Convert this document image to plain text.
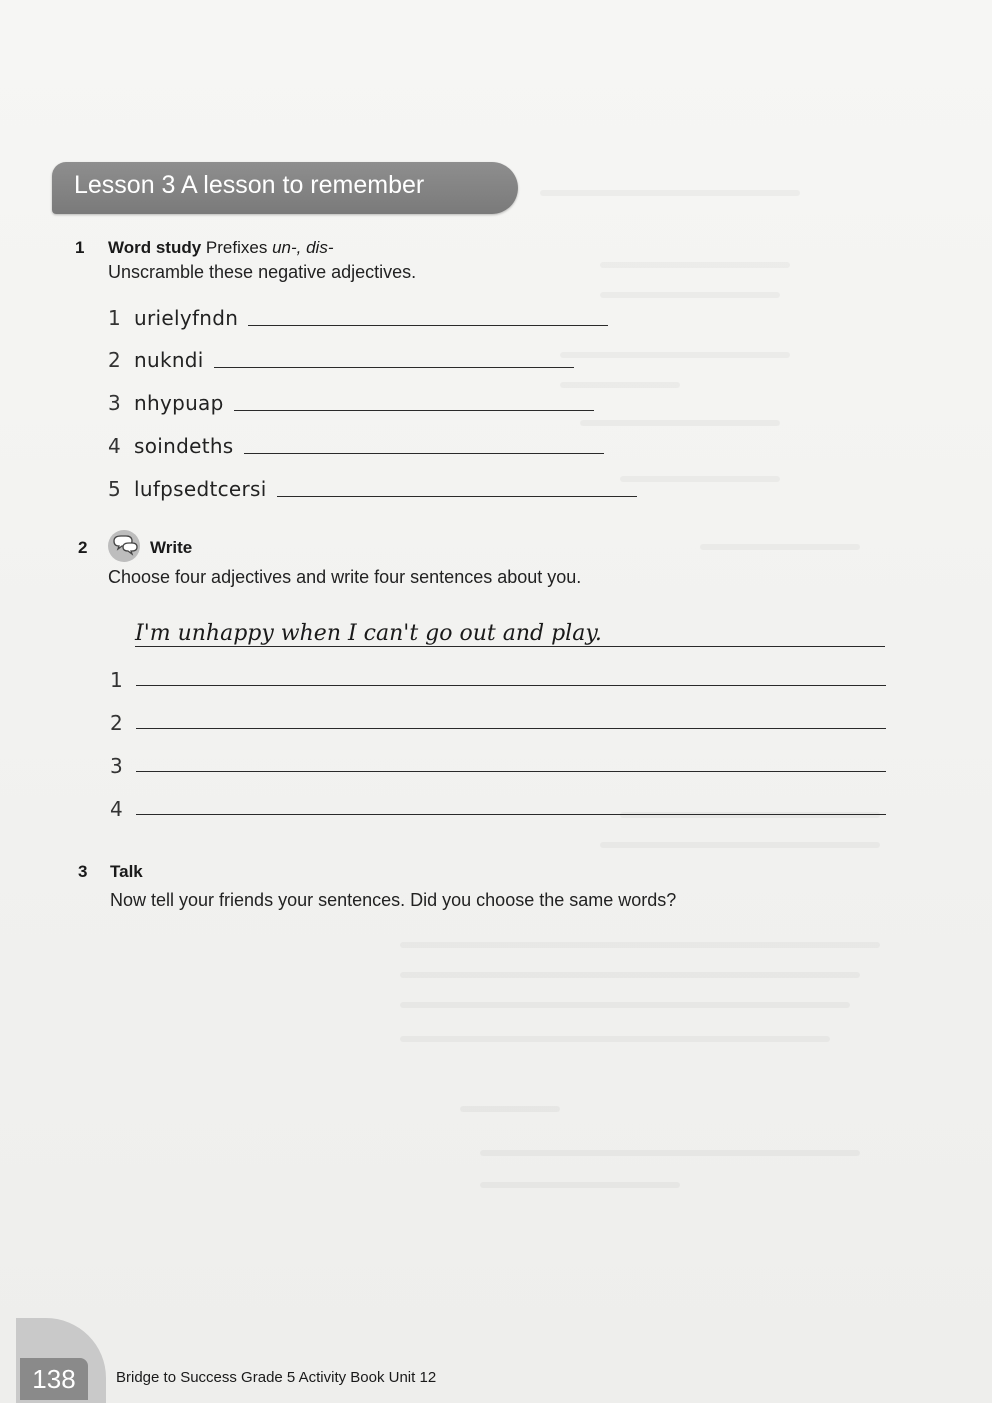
Lesson 3 A lesson to remember
1 Word study Prefixes un-, dis-
Unscramble these negative adjectives.
1 urielyfndn
2 nukndi
3 nhypuap
4 soindeths
5 lufpsedtcersi
2	Write
Choose four adjectives and write four sentences about you.
I'm unhappy when I can't go out and play.
1
2
3
4
3 Talk
Now tell your friends your sentences. Did you choose the same words?
138	Bridge to Success Grade 5 Activity Book Unit 12
